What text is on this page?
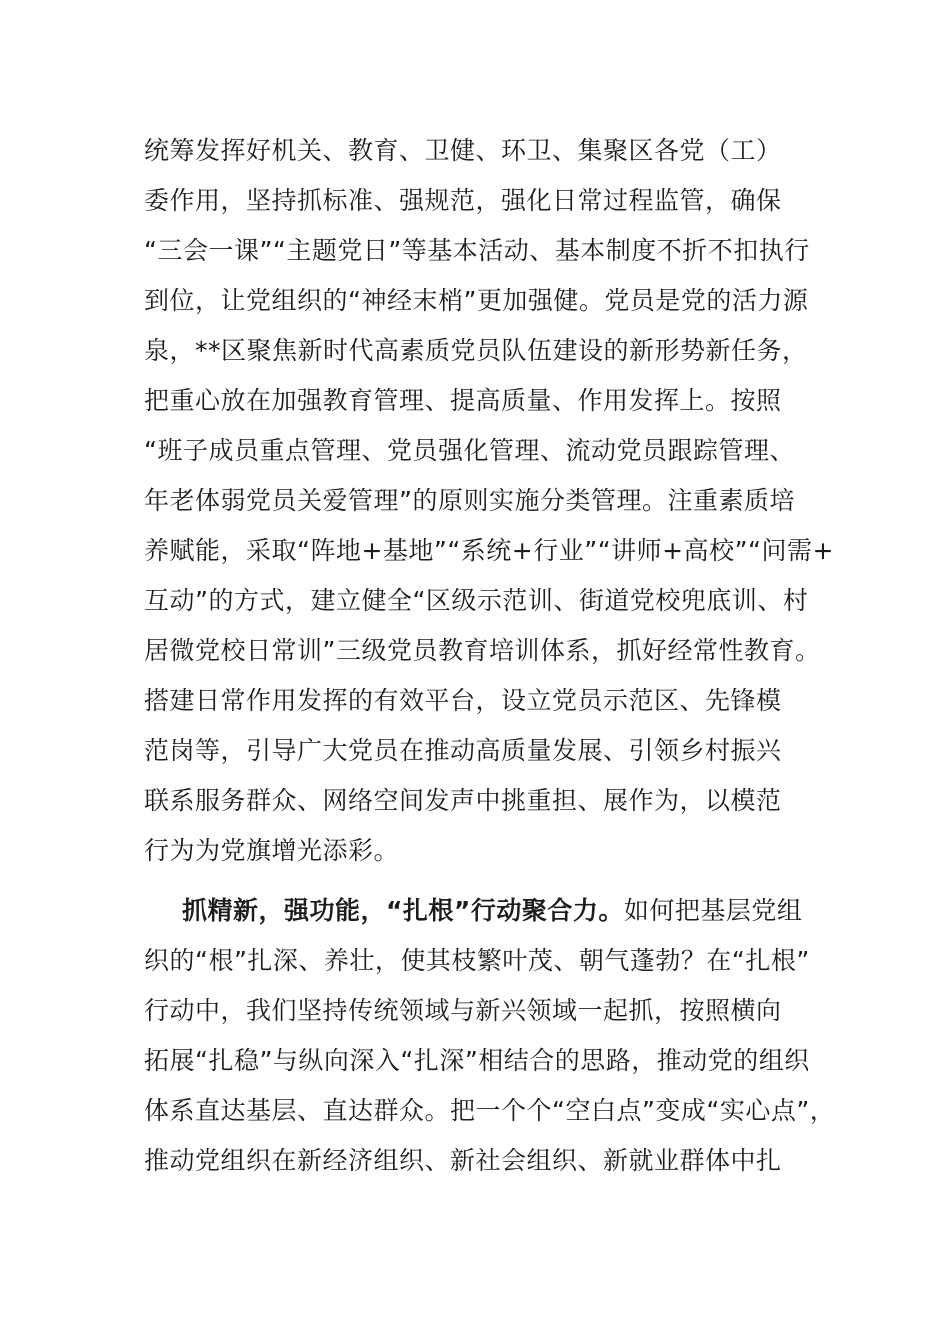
统筹发挥好机关、教育、卫健、环卫、集聚区各党（工）
委作用，坚持抓标准、强规范，强化日常过程监管，确保
“三会一课”“主题党日”等基本活动、基本制度不折不扣执行
到位，让党组织的“神经末梢”更加强健。党员是党的活力源
泉，**区聚焦新时代高素质党员队伍建设的新形势新任务，
把重心放在加强教育管理、提高质量、作用发挥上。按照
“班子成员重点管理、党员强化管理、流动党员跟踪管理、
年老体弱党员关爱管理”的原则实施分类管理。注重素质培
养赋能，采取“阵地+基地”“系统+行业”“讲师+高校”“问需+
互动”的方式，建立健全“区级示范训、街道党校兜底训、村
居微党校日常训”三级党员教育培训体系，抓好经常性教育。
搭建日常作用发挥的有效平台，设立党员示范区、先锋模
范岗等，引导广大党员在推动高质量发展、引领乡村振兴
联系服务群众、网络空间发声中挑重担、展作为，以模范
行为为党旗增光添彩。
抓精新，强功能，“扎根”行动聚合力。如何把基层党组
织的“根”扎深、养壮，使其枝繁叶茂、朝气蓬勃？在“扎根”
行动中，我们坚持传统领域与新兴领域一起抓，按照横向
拓展“扎稳”与纵向深入“扎深”相结合的思路，推动党的组织
体系直达基层、直达群众。把一个个“空白点”变成“实心点”，
推动党组织在新经济组织、新社会组织、新就业群体中扎
